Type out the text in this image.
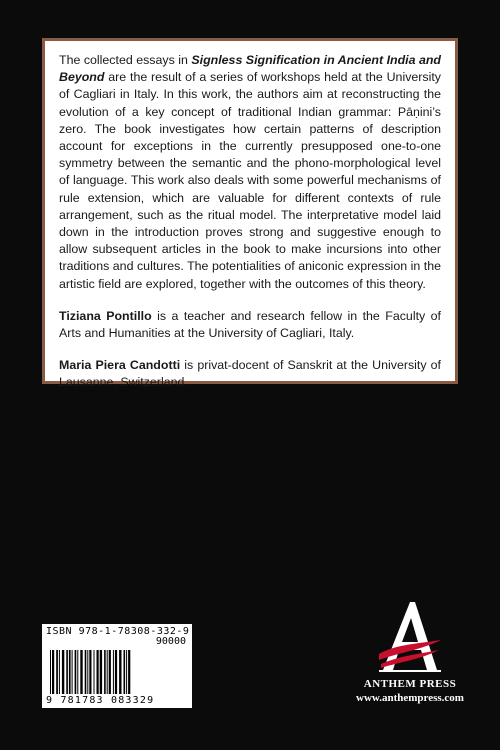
The collected essays in Signless Signification in Ancient India and Beyond are the result of a series of workshops held at the University of Cagliari in Italy. In this work, the authors aim at reconstructing the evolution of a key concept of traditional Indian grammar: Pāṇini’s zero. The book investigates how certain patterns of description account for exceptions in the currently presupposed one-to-one symmetry between the semantic and the phono-morphological level of language. This work also deals with some powerful mechanisms of rule extension, which are valuable for different contexts of rule arrangement, such as the ritual model. The interpretative model laid down in the introduction proves strong and suggestive enough to allow subsequent articles in the book to make incursions into other traditions and cultures. The potentialities of aniconic expression in the artistic field are explored, together with the outcomes of this theory.

Tiziana Pontillo is a teacher and research fellow in the Faculty of Arts and Humanities at the University of Cagliari, Italy.

Maria Piera Candotti is privat-docent of Sanskrit at the University of Lausanne, Switzerland.

ISBN 978-1-78308-332-9
90000
9 781783 083329
ANTHEM PRESS
www.anthempress.com
